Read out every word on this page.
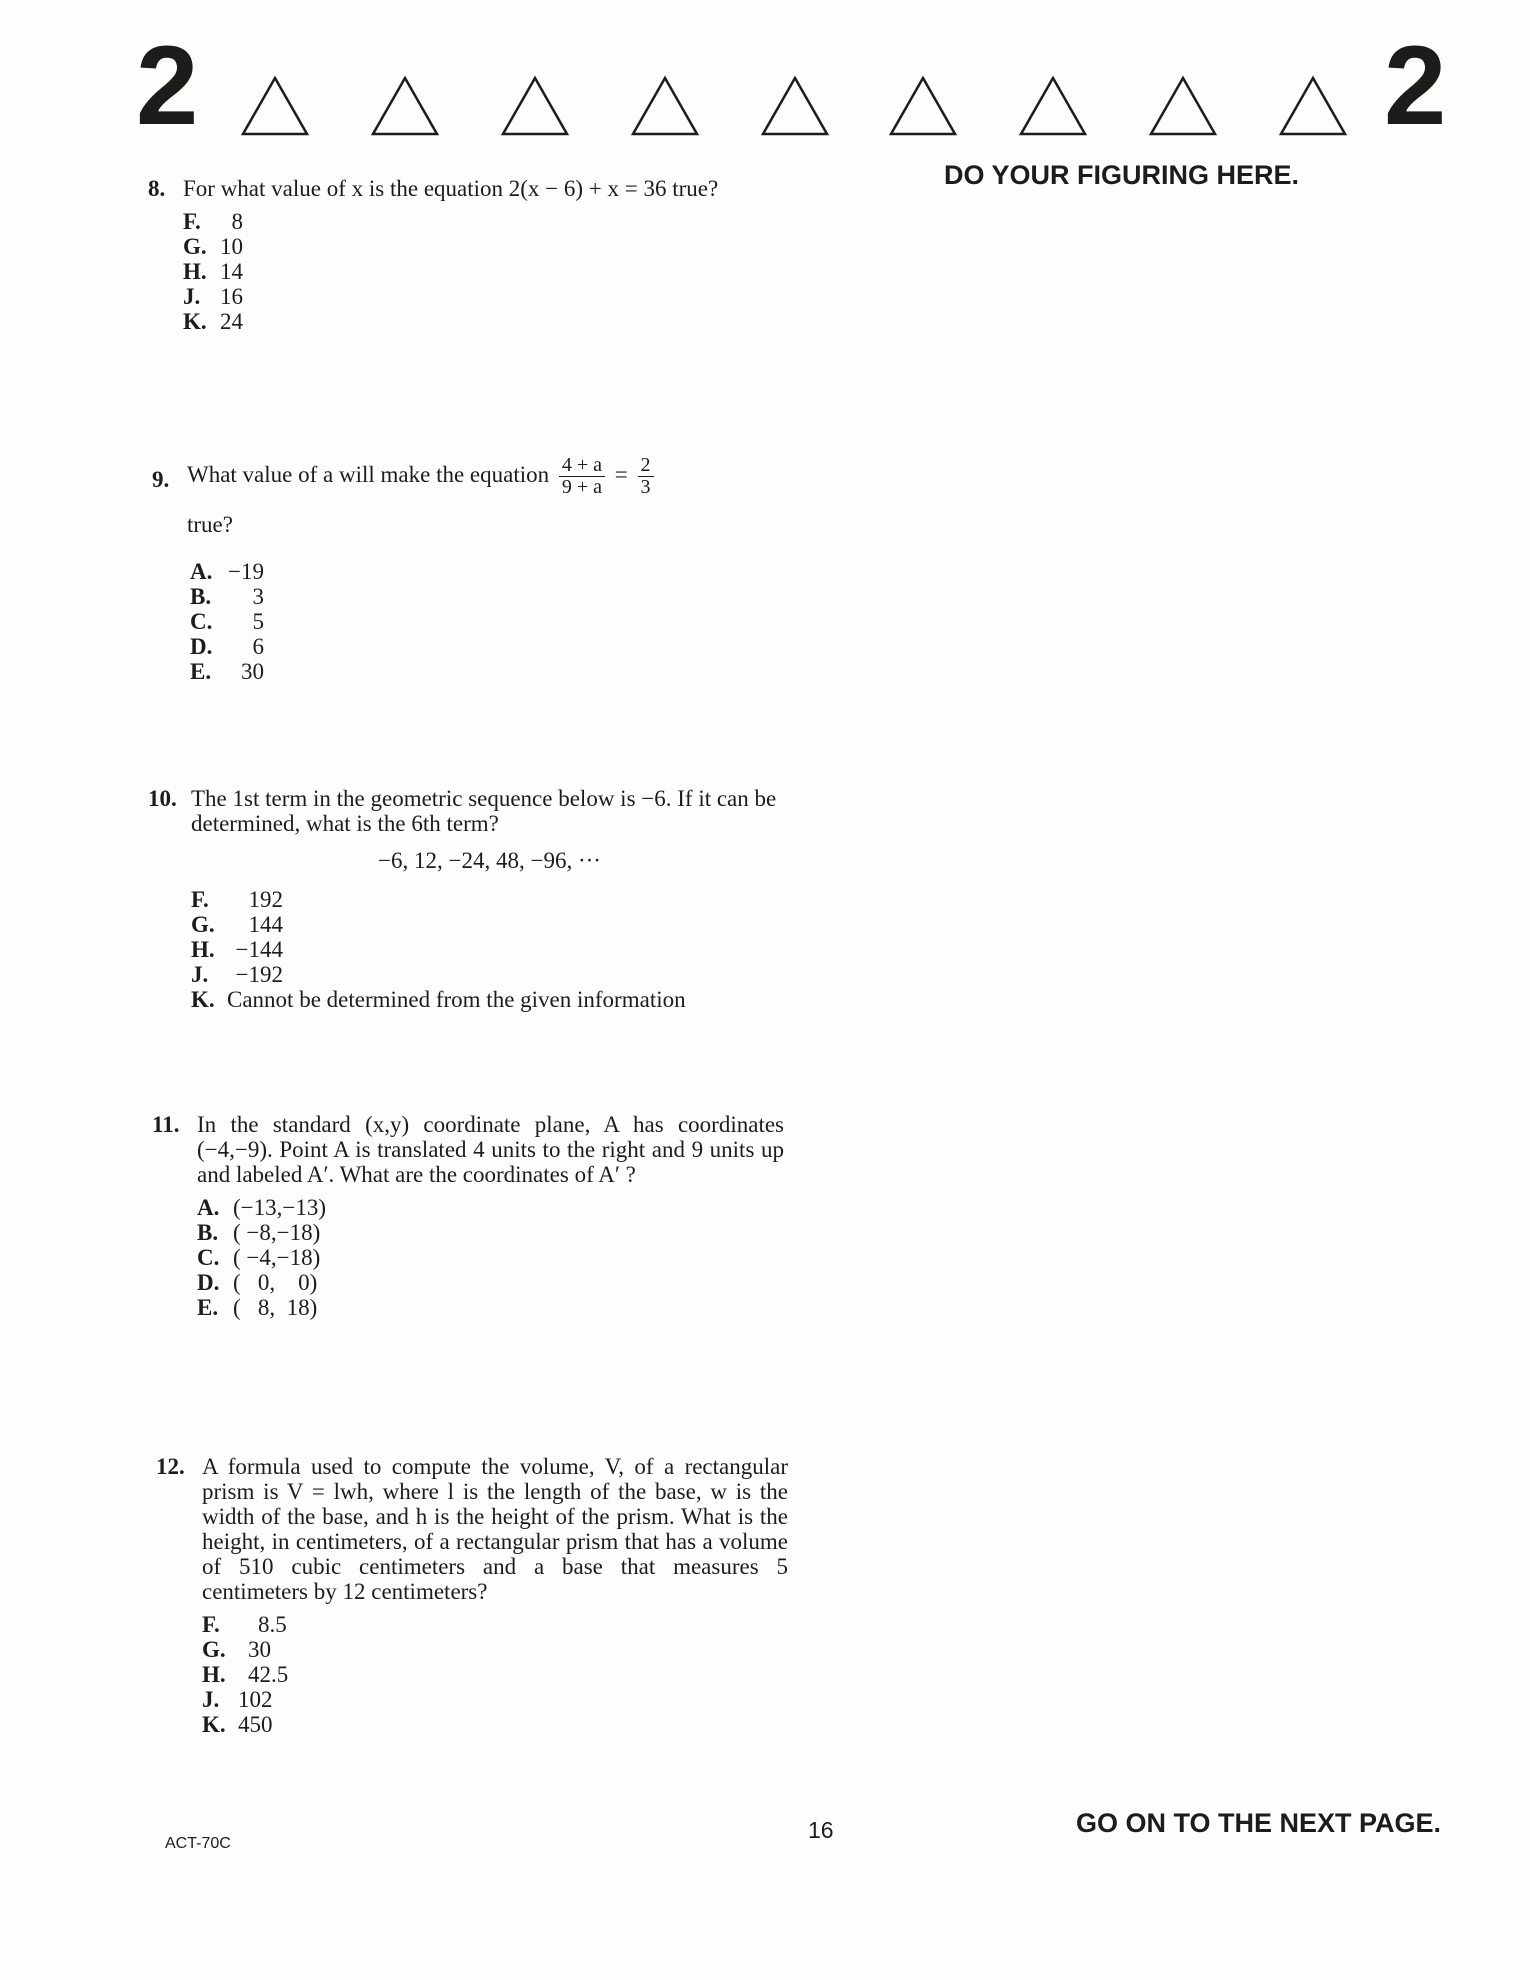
2	2
DO YOUR FIGURING HERE.
8. For what value of x is the equation 2(x − 6) + x = 36 true?

F.	8
G. 10
H. 14
J. 16
K. 24
9. What value of a will make the equation $\frac{4 + a}{9 + a} = \frac{2}{3}$
true?
A. −19
B.	3
C.	5
D.	6
E.	30
10. The 1st term in the geometric sequence below is −6. If it can be determined, what is the 6th term?

−6, 12, −24, 48, −96, ···
F.	192
G.	144
H. −144
J.	−192
K. Cannot be determined from the given information
11. In the standard (x,y) coordinate plane, A has coordinates (−4,−9). Point A is translated 4 units to the right and 9 units up and labeled A′. What are the coordinates of A′ ?

A. (−13,−13)
B. ( −8,−18)
C. ( −4,−18)
D. (   0,    0)
E. (   8,  18)
12. A formula used to compute the volume, V, of a rectangular prism is V = lwh, where l is the length of the base, w is the width of the base, and h is the height of the prism. What is the height, in centimeters, of a rectangular prism that has a volume of 510 cubic centimeters and a base that measures 5 centimeters by 12 centimeters?

F.	8.5
G. 30
H. 42.5
J. 102
K. 450
ACT-70C
16	GO ON TO THE NEXT PAGE.
